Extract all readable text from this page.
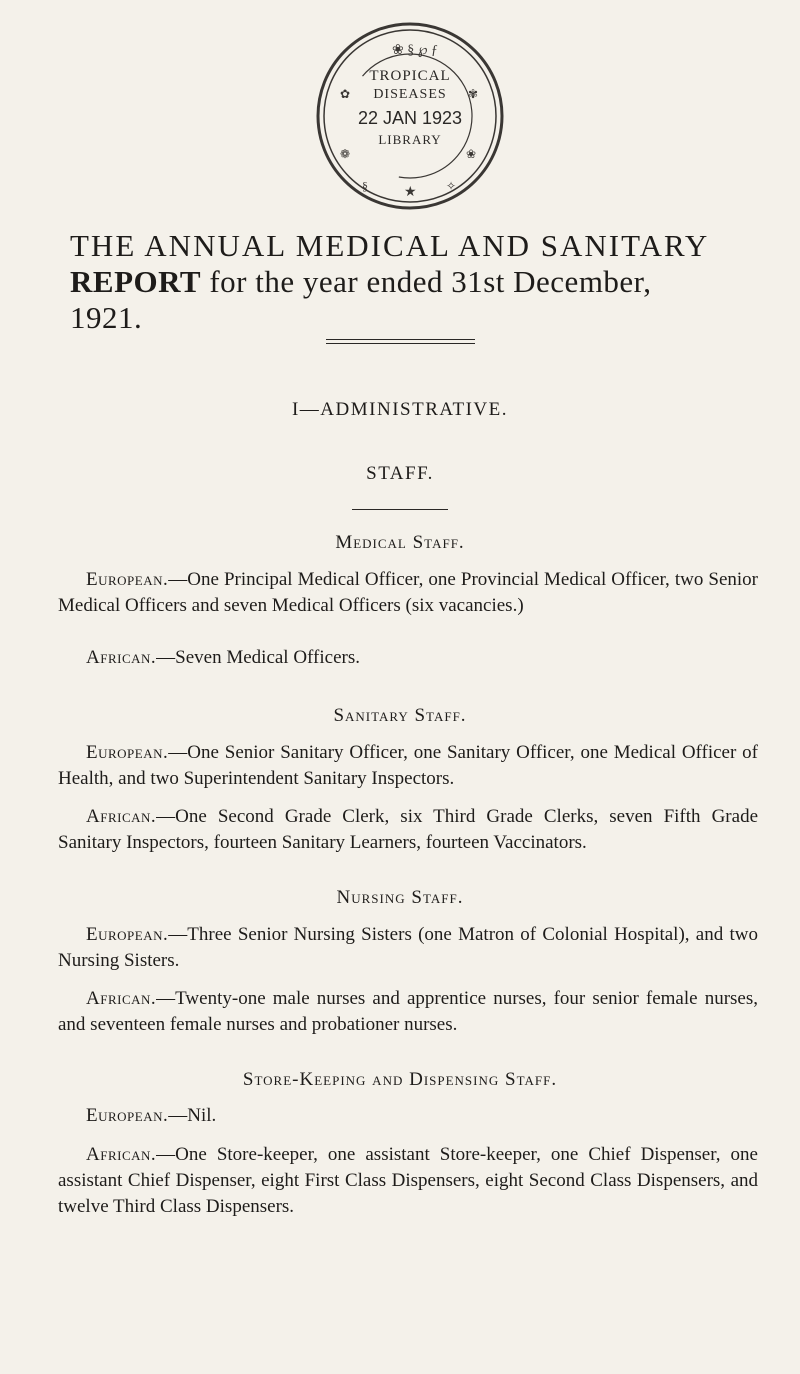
❀ § ℘ ƒ
✿	✾
❁	❀
★
§	✧
TROPICAL
DISEASES
22 JAN 1923
LIBRARY
THE ANNUAL MEDICAL AND SANITARY
REPORT for the year ended 31st December,
1921.
I—ADMINISTRATIVE.
STAFF.
Medical Staff.
European.—One Principal Medical Officer, one Provincial Medical Officer, two Senior Medical Officers and seven Medical Officers (six vacancies.)
African.—Seven Medical Officers.
Sanitary Staff.
European.—One Senior Sanitary Officer, one Sanitary Officer, one Medical Officer of Health, and two Superintendent Sanitary Inspectors.
African.—One Second Grade Clerk, six Third Grade Clerks, seven Fifth Grade Sanitary Inspectors, fourteen Sanitary Learners, fourteen Vaccinators.
Nursing Staff.
European.—Three Senior Nursing Sisters (one Matron of Colonial Hospital), and two Nursing Sisters.
African.—Twenty-one male nurses and apprentice nurses, four senior female nurses, and seventeen female nurses and probationer nurses.
Store-Keeping and Dispensing Staff.
European.—Nil.
African.—One Store-keeper, one assistant Store-keeper, one Chief Dispenser, one assistant Chief Dispenser, eight First Class Dispensers, eight Second Class Dispensers, and twelve Third Class Dispensers.
